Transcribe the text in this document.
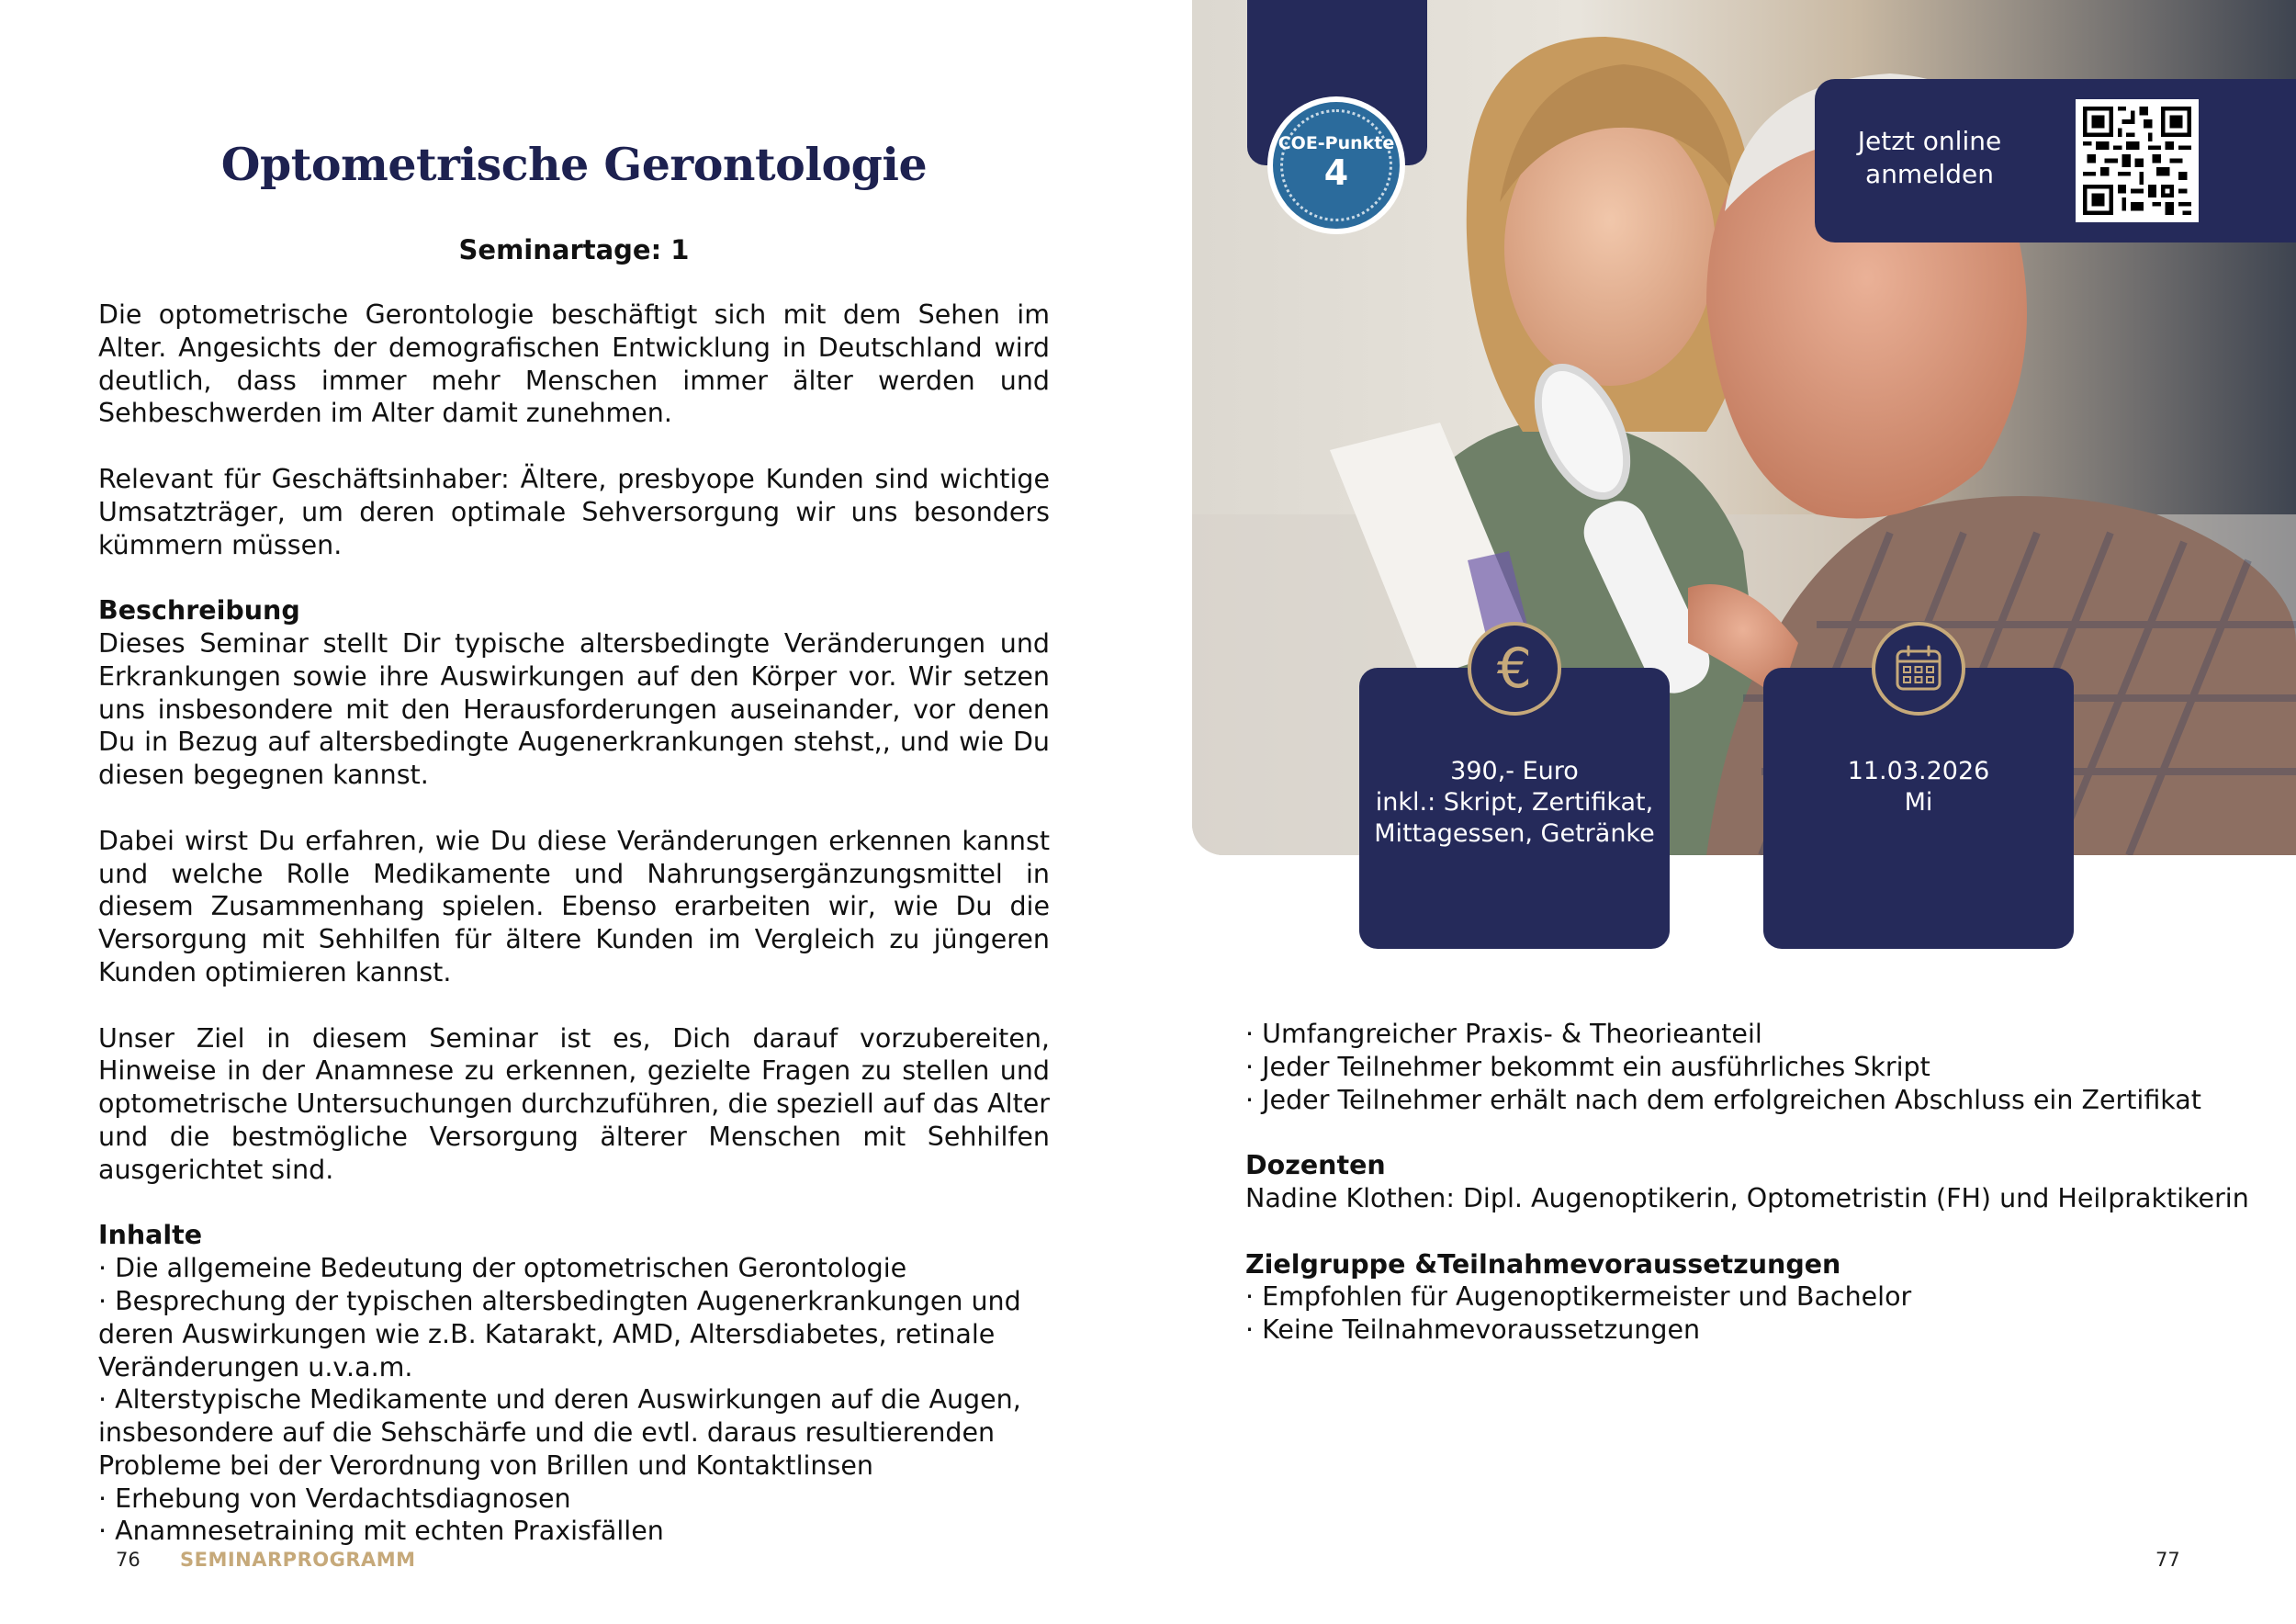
Optometrische Gerontologie
Seminartage: 1

Die optometrische Gerontologie beschäftigt sich mit dem Sehen im Alter. Angesichts der demografischen Entwicklung in Deutschland wird deutlich, dass immer mehr Menschen immer älter werden und Sehbeschwerden im Alter damit zunehmen.

Relevant für Geschäftsinhaber: Ältere, presbyope Kunden sind wichtige Umsatzträger, um deren optimale Sehversorgung wir uns besonders kümmern müssen.

Beschreibung

Dieses Seminar stellt Dir typische altersbedingte Veränderungen und Erkrankungen sowie ihre Auswirkungen auf den Körper vor. Wir setzen uns insbesondere mit den Herausforderungen auseinander, vor denen Du in Bezug auf altersbedingte Augenerkrankungen stehst,, und wie Du diesen begegnen kannst.

Dabei wirst Du erfahren, wie Du diese Veränderungen erkennen kannst und welche Rolle Medikamente und Nahrungsergänzungsmittel in diesem Zusammenhang spielen. Ebenso erarbeiten wir, wie Du die Versorgung mit Sehhilfen für ältere Kunden im Vergleich zu jüngeren Kunden optimieren kannst.

Unser Ziel in diesem Seminar ist es, Dich darauf vorzubereiten, Hinweise in der Anamnese zu erkennen, gezielte Fragen zu stellen und optometrische Untersuchungen durchzuführen, die speziell auf das Alter und die bestmögliche Versorgung älterer Menschen mit Sehhilfen ausgerichtet sind.

Inhalte
· Die allgemeine Bedeutung der optometrischen Gerontologie
· Besprechung der typischen altersbedingten Augenerkrankungen und deren Auswirkungen wie z.B. Katarakt, AMD, Altersdiabetes, retinale Veränderungen u.v.a.m.
· Alterstypische Medikamente und deren Auswirkungen auf die Augen, insbesondere auf die Sehschärfe und die evtl. daraus resultierenden Probleme bei der Verordnung von Brillen und Kontaktlinsen
· Erhebung von Verdachtsdiagnosen
· Anamnesetraining mit echten Praxisfällen
76 SEMINARPROGRAMM
COE-Punkte
4
Jetzt online anmelden
390,- Euro
inkl.: Skript, Zertifikat,
Mittagessen, Getränke
€
11.03.2026
Mi
· Umfangreicher Praxis- & Theorieanteil
· Jeder Teilnehmer bekommt ein ausführliches Skript
· Jeder Teilnehmer erhält nach dem erfolgreichen Abschluss ein Zertifikat
Dozenten
Nadine Klothen: Dipl. Augenoptikerin, Optometristin (FH) und Heilpraktikerin
Zielgruppe &Teilnahmevoraussetzungen
· Empfohlen für Augenoptikermeister und Bachelor
· Keine Teilnahmevoraussetzungen
77
